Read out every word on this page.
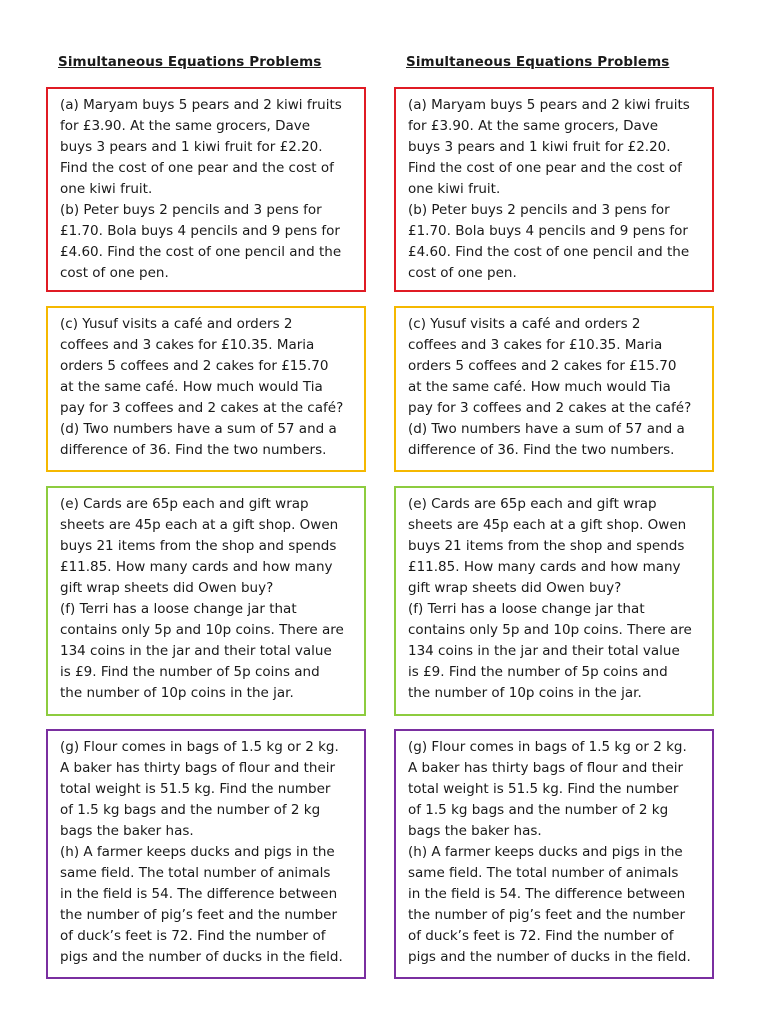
Simultaneous Equations Problems

(a) Maryam buys 5 pears and 2 kiwi fruits

for £3.90. At the same grocers, Dave

buys 3 pears and 1 kiwi fruit for £2.20.

Find the cost of one pear and the cost of

one kiwi fruit.

(b) Peter buys 2 pencils and 3 pens for

£1.70. Bola buys 4 pencils and 9 pens for

£4.60. Find the cost of one pencil and the

cost of one pen.

(c) Yusuf visits a café and orders 2

coffees and 3 cakes for £10.35. Maria

orders 5 coffees and 2 cakes for £15.70

at the same café. How much would Tia

pay for 3 coffees and 2 cakes at the café?

(d) Two numbers have a sum of 57 and a

difference of 36. Find the two numbers.

(e) Cards are 65p each and gift wrap

sheets are 45p each at a gift shop. Owen

buys 21 items from the shop and spends

£11.85. How many cards and how many

gift wrap sheets did Owen buy?

(f) Terri has a loose change jar that

contains only 5p and 10p coins. There are

134 coins in the jar and their total value

is £9. Find the number of 5p coins and

the number of 10p coins in the jar.

(g) Flour comes in bags of 1.5 kg or 2 kg.

A baker has thirty bags of flour and their

total weight is 51.5 kg. Find the number

of 1.5 kg bags and the number of 2 kg

bags the baker has.

(h) A farmer keeps ducks and pigs in the

same field. The total number of animals

in the field is 54. The difference between

the number of pig’s feet and the number

of duck’s feet is 72. Find the number of

pigs and the number of ducks in the field.

Simultaneous Equations Problems

(a) Maryam buys 5 pears and 2 kiwi fruits

for £3.90. At the same grocers, Dave

buys 3 pears and 1 kiwi fruit for £2.20.

Find the cost of one pear and the cost of

one kiwi fruit.

(b) Peter buys 2 pencils and 3 pens for

£1.70. Bola buys 4 pencils and 9 pens for

£4.60. Find the cost of one pencil and the

cost of one pen.

(c) Yusuf visits a café and orders 2

coffees and 3 cakes for £10.35. Maria

orders 5 coffees and 2 cakes for £15.70

at the same café. How much would Tia

pay for 3 coffees and 2 cakes at the café?

(d) Two numbers have a sum of 57 and a

difference of 36. Find the two numbers.

(e) Cards are 65p each and gift wrap

sheets are 45p each at a gift shop. Owen

buys 21 items from the shop and spends

£11.85. How many cards and how many

gift wrap sheets did Owen buy?

(f) Terri has a loose change jar that

contains only 5p and 10p coins. There are

134 coins in the jar and their total value

is £9. Find the number of 5p coins and

the number of 10p coins in the jar.

(g) Flour comes in bags of 1.5 kg or 2 kg.

A baker has thirty bags of flour and their

total weight is 51.5 kg. Find the number

of 1.5 kg bags and the number of 2 kg

bags the baker has.

(h) A farmer keeps ducks and pigs in the

same field. The total number of animals

in the field is 54. The difference between

the number of pig’s feet and the number

of duck’s feet is 72. Find the number of

pigs and the number of ducks in the field.
